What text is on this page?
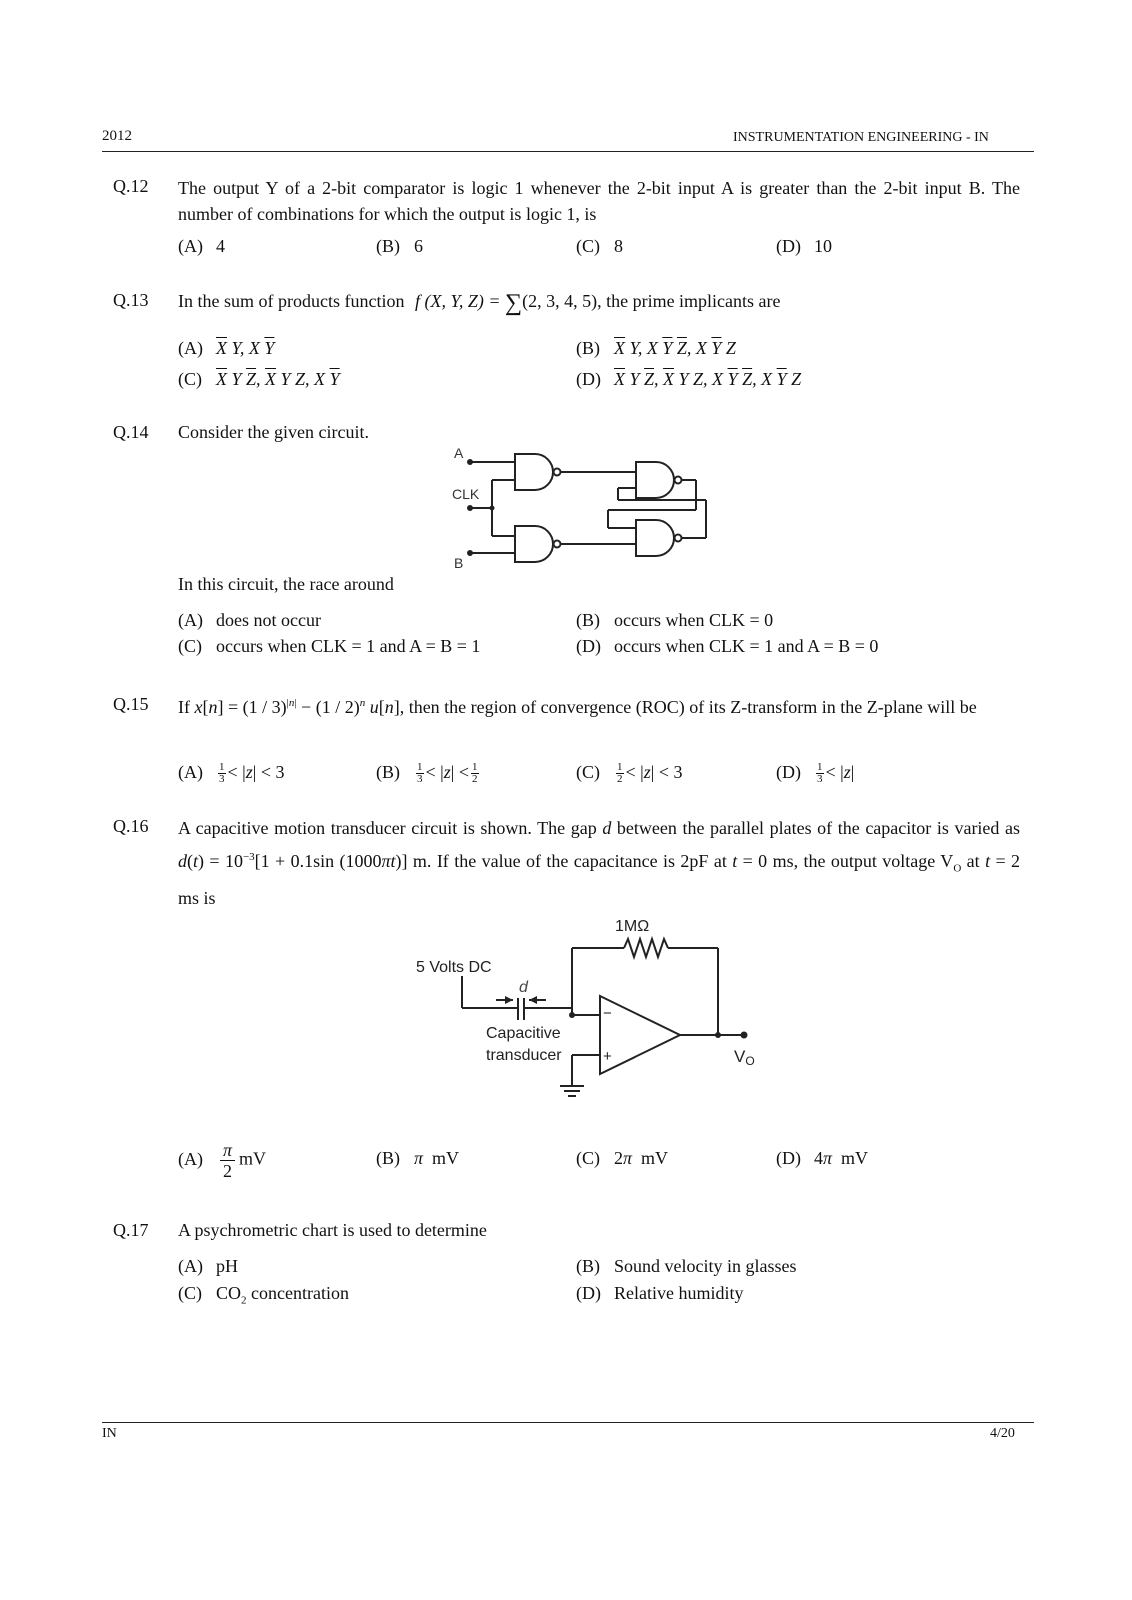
2012	INSTRUMENTATION ENGINEERING - IN
Q.12 The output Y of a 2-bit comparator is logic 1 whenever the 2-bit input A is greater than the 2-bit input B. The number of combinations for which the output is logic 1, is
(A) 4	(B) 6	(C) 8	(D) 10
Q.13 In the sum of products function f (X, Y, Z) = ∑(2, 3, 4, 5), the prime implicants are
(A) $\overline{X}$ Y, X $\overline{Y}$	(B) $\overline{X}$ Y, X $\overline{Y}$ $\overline{Z}$, X $\overline{Y}$ Z
(C) $\overline{X}$ Y $\overline{Z}$, $\overline{X}$ Y Z, X $\overline{Y}$	(D) $\overline{X}$ Y $\overline{Z}$, $\overline{X}$ Y Z, X $\overline{Y}$ $\overline{Z}$, X $\overline{Y}$ Z
Q.14 Consider the given circuit.
A
CLK
B
In this circuit, the race around
(A) does not occur	(B) occurs when CLK = 0
(C) occurs when CLK = 1 and A = B = 1	(D) occurs when CLK = 1 and A = B = 0
Q.15 If x[n] = (1 / 3)$^{|n|}$ − (1 / 2)$^n$ u[n], then the region of convergence (ROC) of its Z-transform in the Z-plane will be
$(A) \frac{1}{3} < |z| < 3$	$(B) \frac{1}{3} < |z| < \frac{1}{2}$	$(C) \frac{1}{2} < |z| < 3$	$(D) \frac{1}{3} < |z|$
Q.16 A capacitive motion transducer circuit is shown. The gap d between the parallel plates of the capacitor is varied as $d(t) = 10^{-3}[1 + 0.1\sin$ (1000πt)] m. If the value of the capacitance is 2pF at t = 0 ms, the output voltage $V_O$ at t = 2 ms is
1MΩ
5 Volts DC
d
Capacitive
transducer
−
+	VO
$(A) \frac{\pi}{2}$ mV	(B) π mV	(C) 2π mV	(D) 4π mV
Q.17 A psychrometric chart is used to determine
(A) pH	(B) Sound velocity in glasses
(C) $CO_2$ concentration	(D) Relative humidity
IN	4/20
